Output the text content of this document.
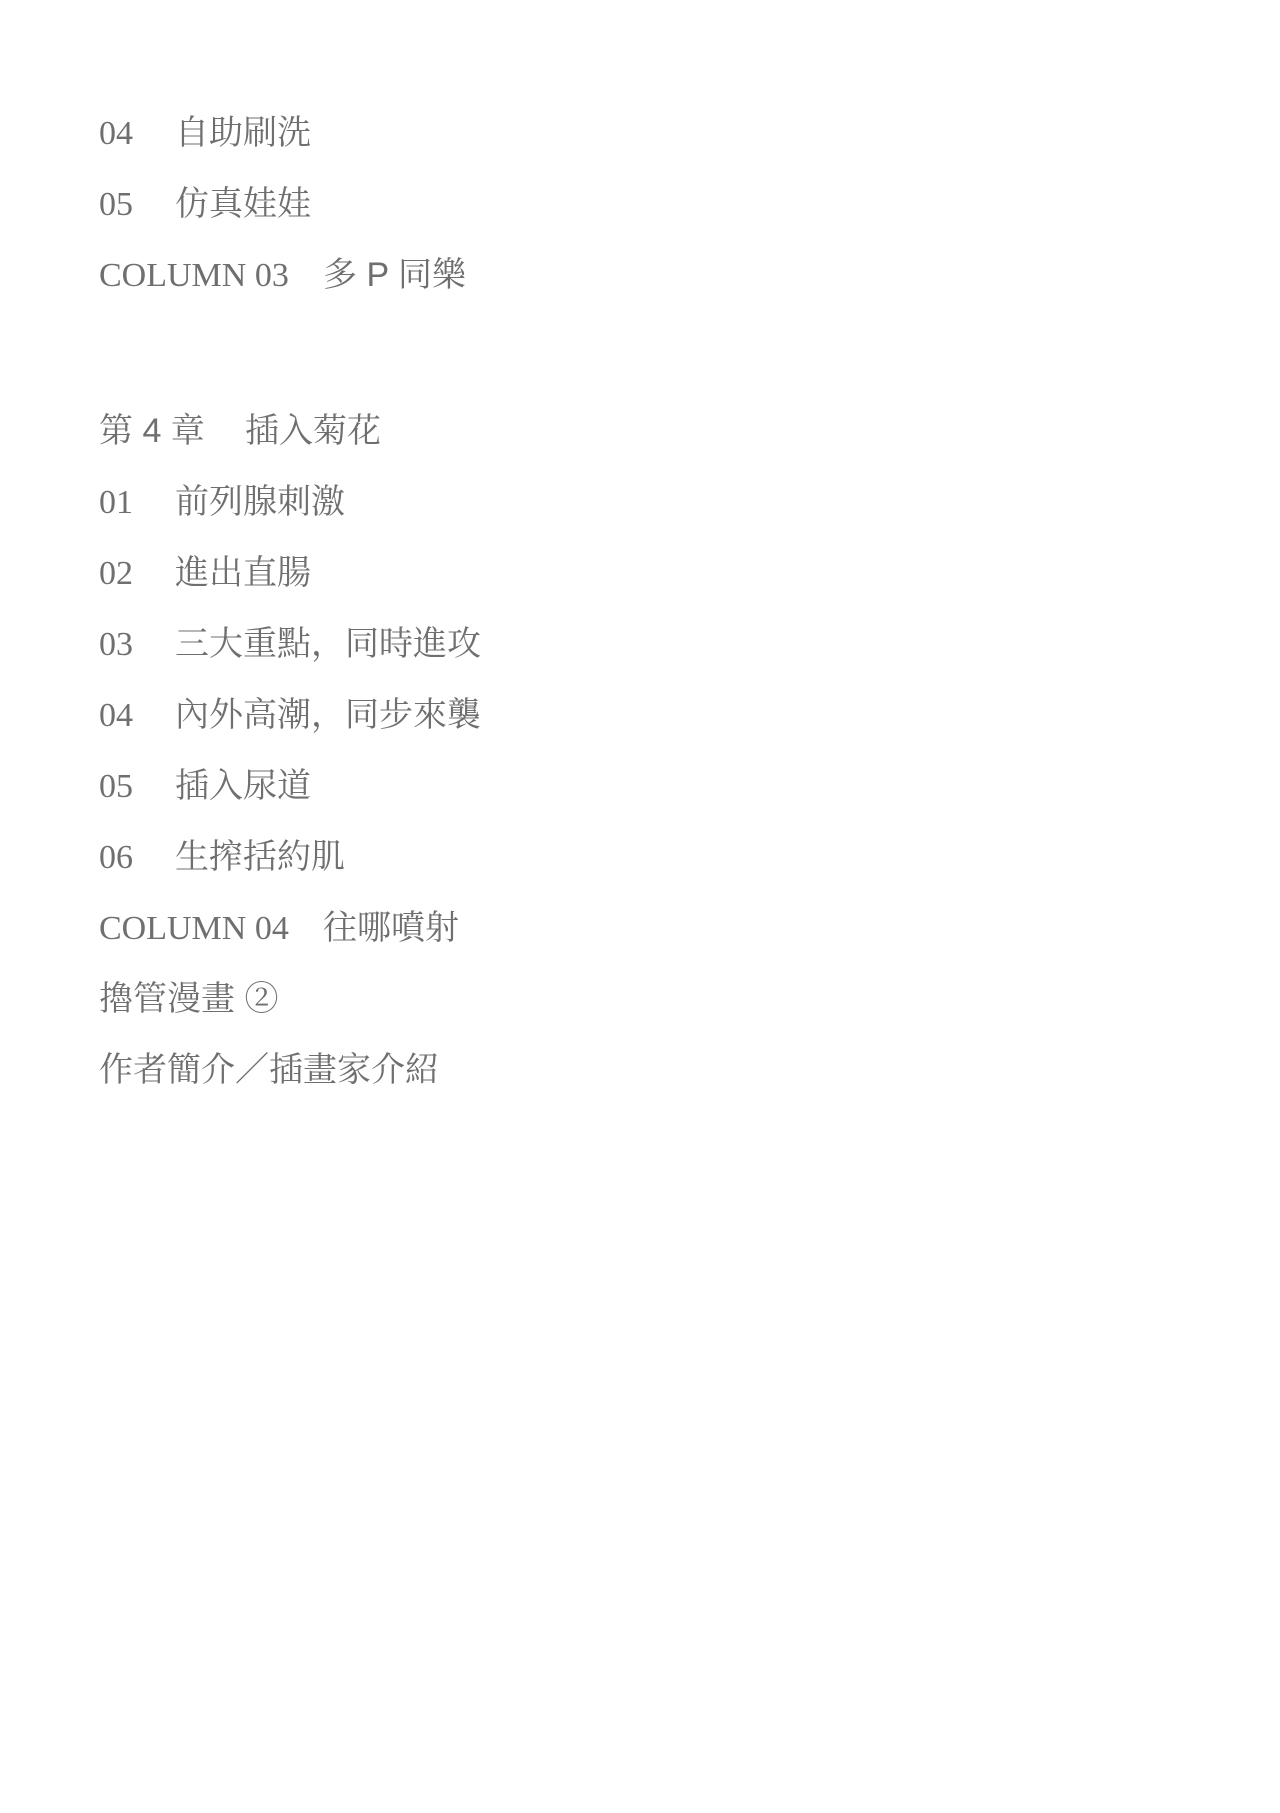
04 自助刷洗

05 仿真娃娃

COLUMN 03 多 P 同樂

第 4 章 插入菊花

01 前列腺刺激

02 進出直腸

03 三大重點，同時進攻

04 內外高潮，同步來襲

05 插入尿道

06 生搾括約肌

COLUMN 04 往哪噴射

擼管漫畫 ②

作者簡介／插畫家介紹
